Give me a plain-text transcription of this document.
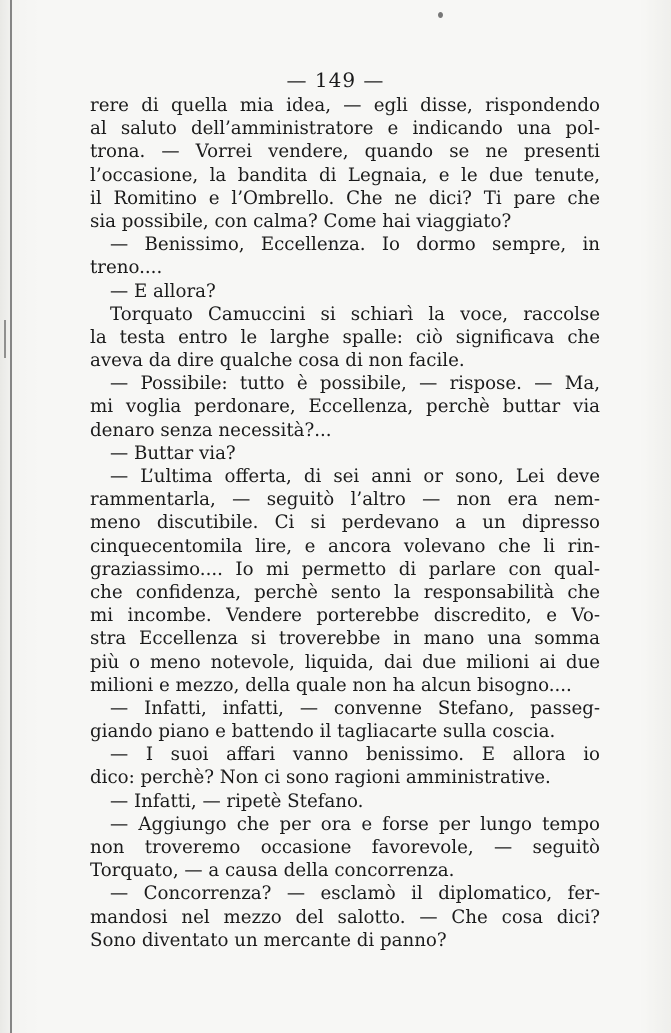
— 149 —
rere di quella mia idea, — egli disse, rispondendo
al saluto dell’amministratore e indicando una pol-
trona. — Vorrei vendere, quando se ne presenti
l’occasione, la bandita di Legnaia, e le due tenute,
il Romitino e l’Ombrello. Che ne dici? Ti pare che
sia possibile, con calma? Come hai viaggiato?
— Benissimo, Eccellenza. Io dormo sempre, in
treno....
— E allora?
Torquato Camuccini si schiarì la voce, raccolse
la testa entro le larghe spalle: ciò significava che
aveva da dire qualche cosa di non facile.
— Possibile: tutto è possibile, — rispose. — Ma,
mi voglia perdonare, Eccellenza, perchè buttar via
denaro senza necessità?...
— Buttar via?
— L’ultima offerta, di sei anni or sono, Lei deve
rammentarla, — seguitò l’altro — non era nem-
meno discutibile. Ci si perdevano a un dipresso
cinquecentomila lire, e ancora volevano che li rin-
graziassimo.... Io mi permetto di parlare con qual-
che confidenza, perchè sento la responsabilità che
mi incombe. Vendere porterebbe discredito, e Vo-
stra Eccellenza si troverebbe in mano una somma
più o meno notevole, liquida, dai due milioni ai due
milioni e mezzo, della quale non ha alcun bisogno....
— Infatti, infatti, — convenne Stefano, passeg-
giando piano e battendo il tagliacarte sulla coscia.
— I suoi affari vanno benissimo. E allora io
dico: perchè? Non ci sono ragioni amministrative.
— Infatti, — ripetè Stefano.
— Aggiungo che per ora e forse per lungo tempo
non troveremo occasione favorevole, — seguitò
Torquato, — a causa della concorrenza.
— Concorrenza? — esclamò il diplomatico, fer-
mandosi nel mezzo del salotto. — Che cosa dici?
Sono diventato un mercante di panno?
